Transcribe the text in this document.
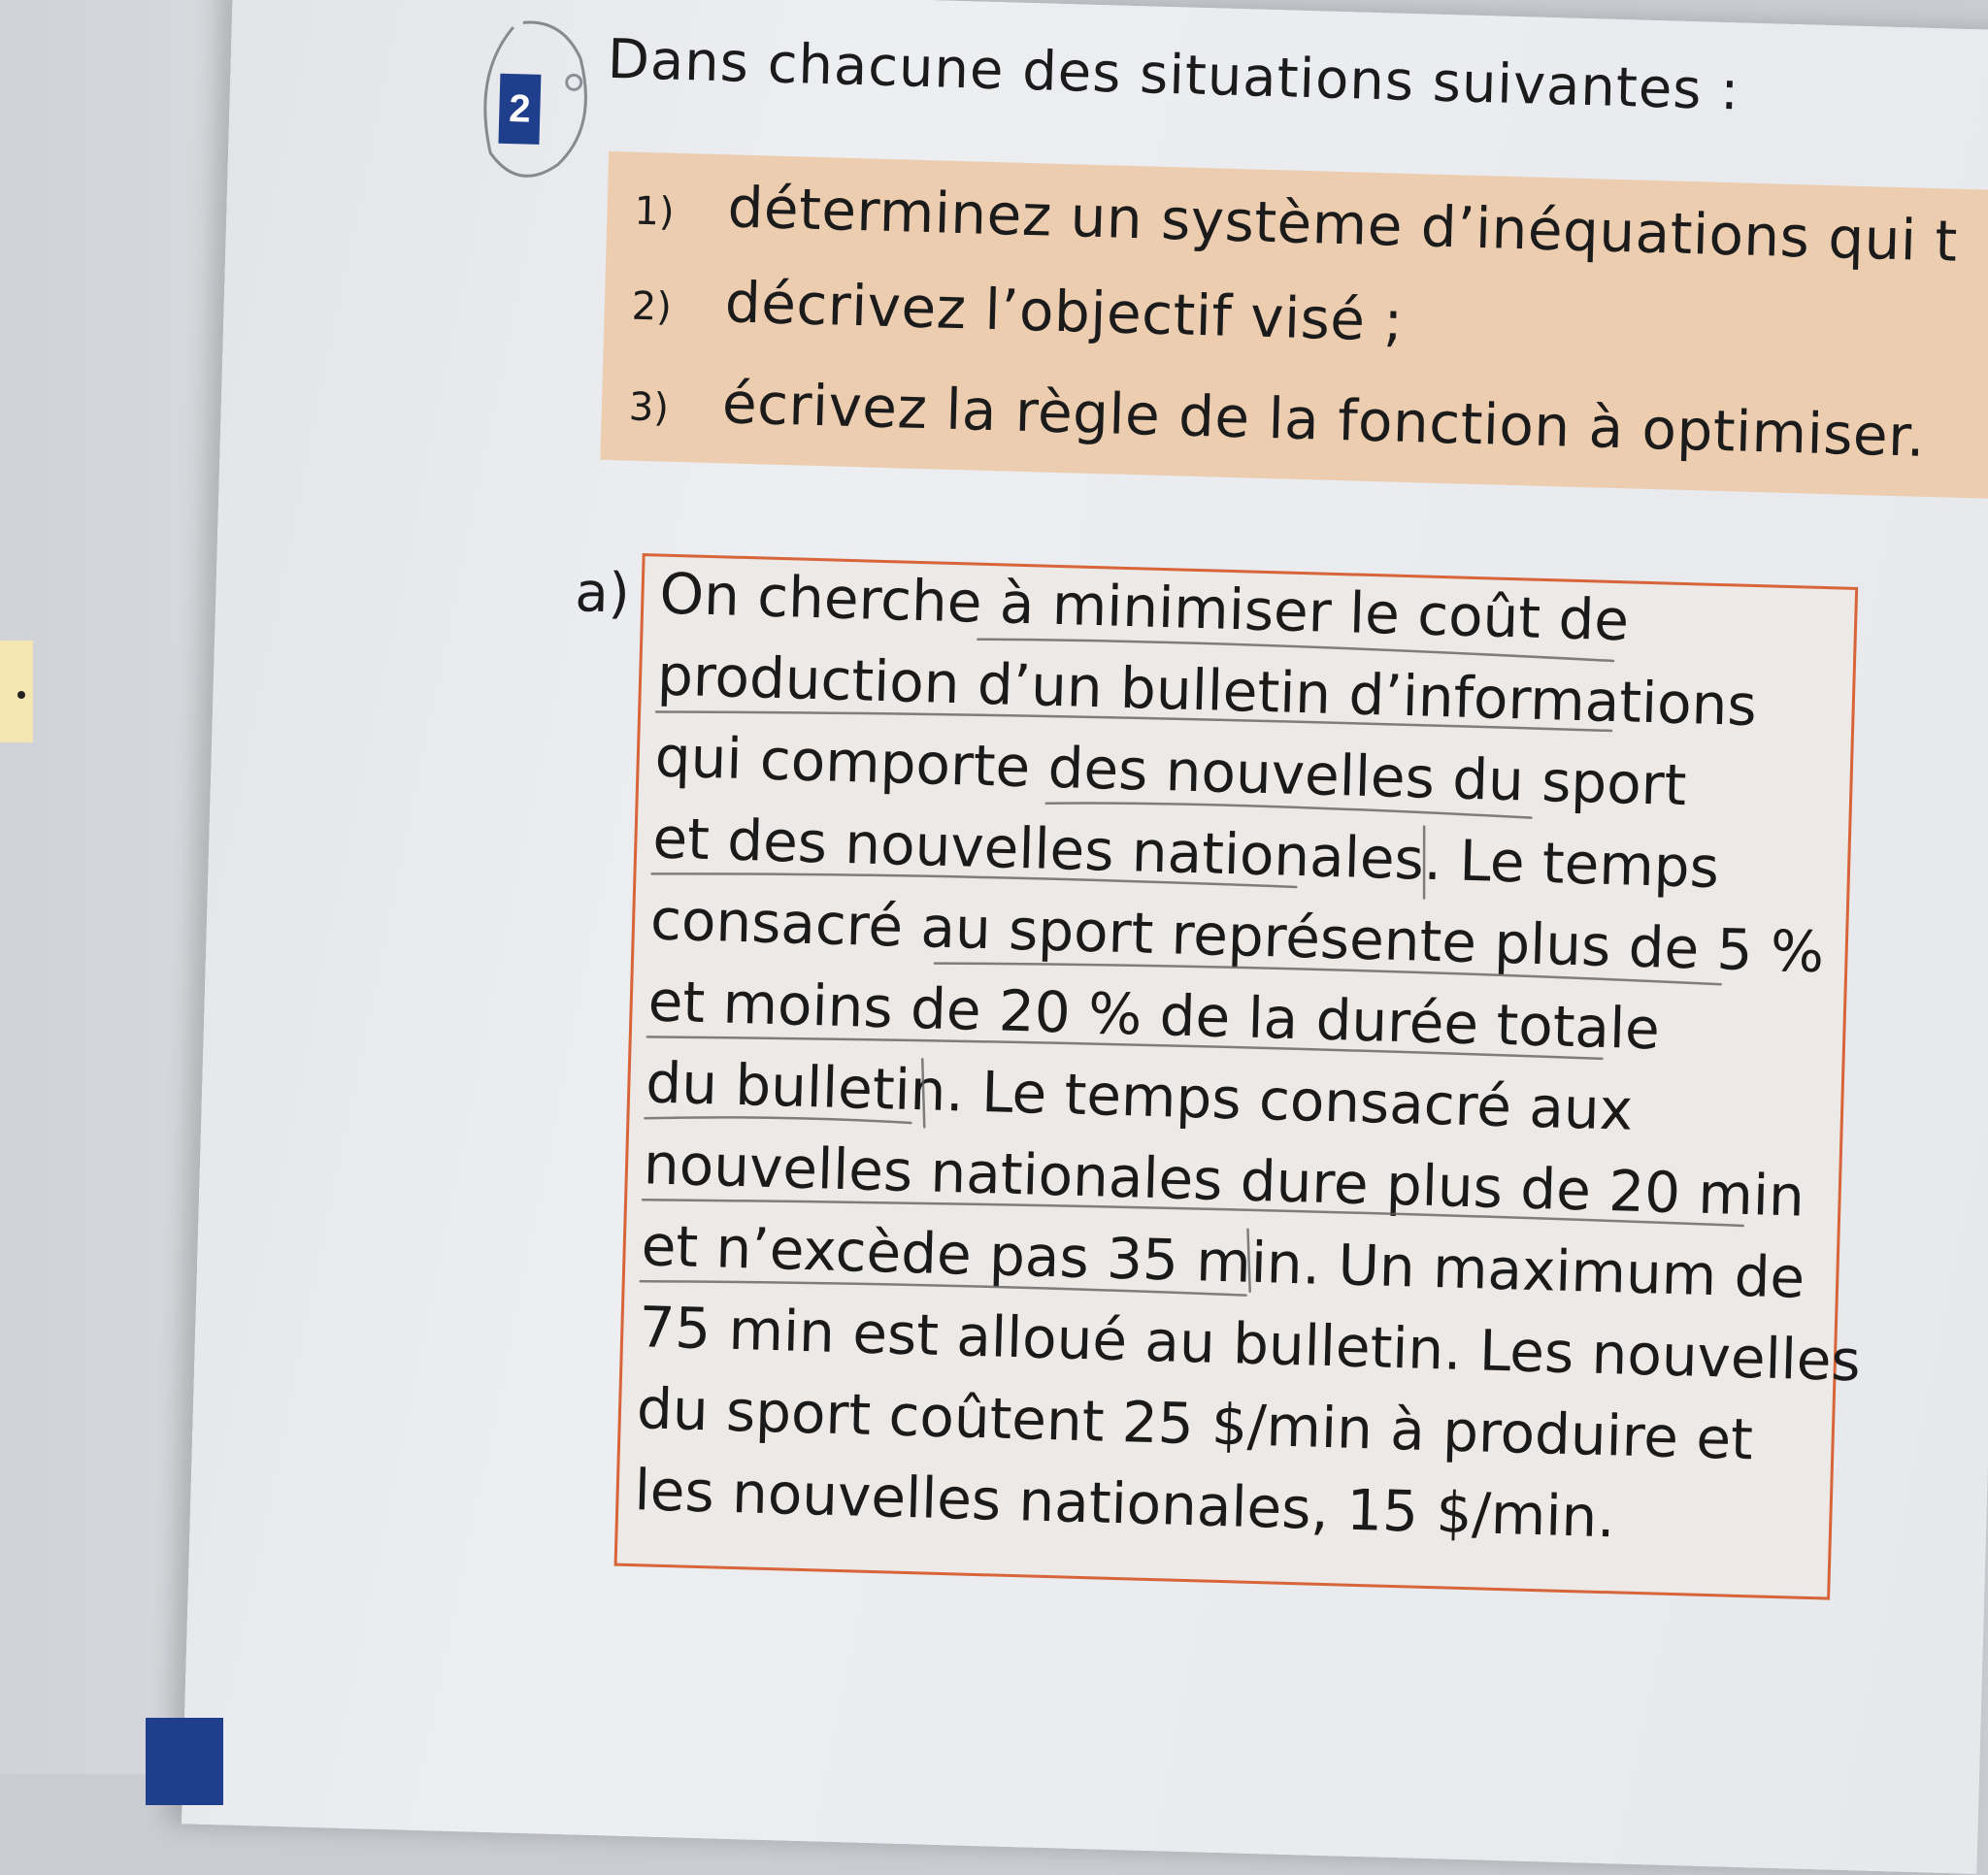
2 Dans chacune des situations suivantes :
1) déterminez un système d’inéquations qui t
2) décrivez l’objectif visé ;
3) écrivez la règle de la fonction à optimiser.
a) On cherche à minimiser le coût de
production d’un bulletin d’informations
qui comporte des nouvelles du sport
et des nouvelles nationales. Le temps
consacré au sport représente plus de 5 %
et moins de 20 % de la durée totale
du bulletin. Le temps consacré aux
nouvelles nationales dure plus de 20 min
et n’excède pas 35 min. Un maximum de
75 min est alloué au bulletin. Les nouvelles
du sport coûtent 25 $/min à produire et
les nouvelles nationales, 15 $/min.
